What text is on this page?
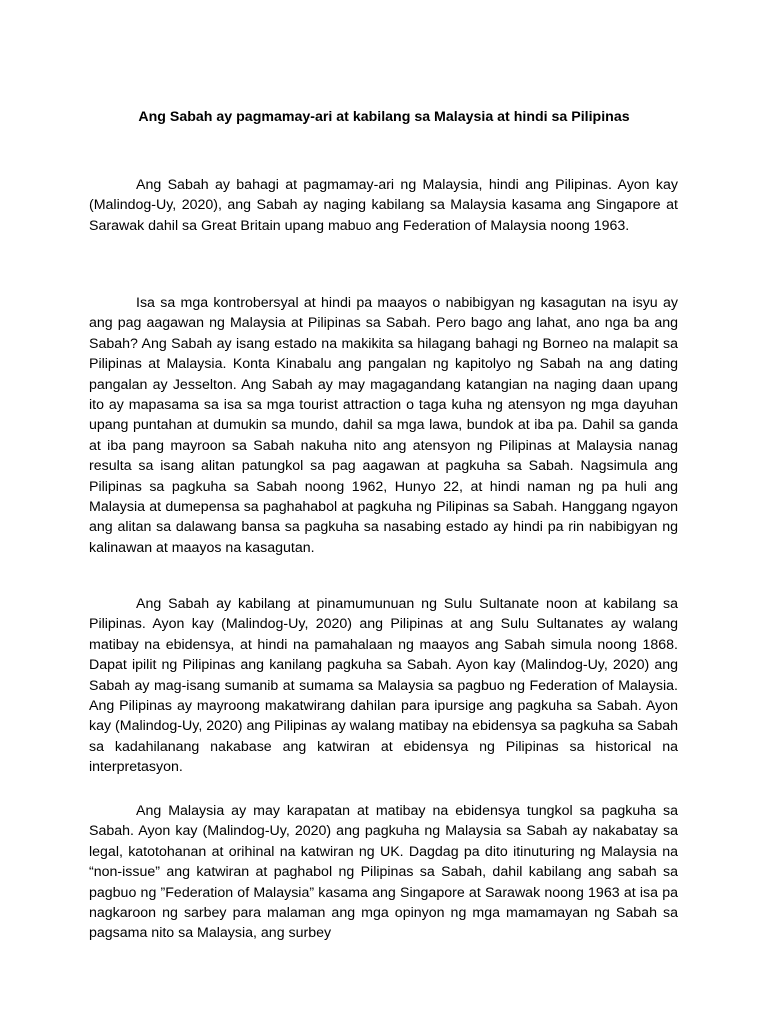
Ang Sabah ay pagmamay-ari at kabilang sa Malaysia at hindi sa Pilipinas

Ang Sabah ay bahagi at pagmamay-ari ng Malaysia, hindi ang Pilipinas. Ayon kay (Malindog-Uy, 2020), ang Sabah ay naging kabilang sa Malaysia kasama ang Singapore at Sarawak dahil sa Great Britain upang mabuo ang Federation of Malaysia noong 1963.

Isa sa mga kontrobersyal at hindi pa maayos o nabibigyan ng kasagutan na isyu ay ang pag aagawan ng Malaysia at Pilipinas sa Sabah. Pero bago ang lahat, ano nga ba ang Sabah? Ang Sabah ay isang estado na makikita sa hilagang bahagi ng Borneo na malapit sa Pilipinas at Malaysia. Konta Kinabalu ang pangalan ng kapitolyo ng Sabah na ang dating pangalan ay Jesselton. Ang Sabah ay may magagandang katangian na naging daan upang ito ay mapasama sa isa sa mga tourist attraction o taga kuha ng atensyon ng mga dayuhan upang puntahan at dumukin sa mundo, dahil sa mga lawa, bundok at iba pa. Dahil sa ganda at iba pang mayroon sa Sabah nakuha nito ang atensyon ng Pilipinas at Malaysia nanag resulta sa isang alitan patungkol sa pag aagawan at pagkuha sa Sabah. Nagsimula ang Pilipinas sa pagkuha sa Sabah noong 1962, Hunyo 22, at hindi naman ng pa huli ang Malaysia at dumepensa sa paghahabol at pagkuha ng Pilipinas sa Sabah. Hanggang ngayon ang alitan sa dalawang bansa sa pagkuha sa nasabing estado ay hindi pa rin nabibigyan ng kalinawan at maayos na kasagutan.

Ang Sabah ay kabilang at pinamumunuan ng Sulu Sultanate noon at kabilang sa Pilipinas. Ayon kay (Malindog-Uy, 2020) ang Pilipinas at ang Sulu Sultanates ay walang matibay na ebidensya, at hindi na pamahalaan ng maayos ang Sabah simula noong 1868. Dapat ipilit ng Pilipinas ang kanilang pagkuha sa Sabah. Ayon kay (Malindog-Uy, 2020) ang Sabah ay mag-isang sumanib at sumama sa Malaysia sa pagbuo ng Federation of Malaysia. Ang Pilipinas ay mayroong makatwirang dahilan para ipursige ang pagkuha sa Sabah. Ayon kay (Malindog-Uy, 2020) ang Pilipinas ay walang matibay na ebidensya sa pagkuha sa Sabah sa kadahilanang nakabase ang katwiran at ebidensya ng Pilipinas sa historical na interpretasyon.

Ang Malaysia ay may karapatan at matibay na ebidensya tungkol sa pagkuha sa Sabah. Ayon kay (Malindog-Uy, 2020) ang pagkuha ng Malaysia sa Sabah ay nakabatay sa legal, katotohanan at orihinal na katwiran ng UK. Dagdag pa dito itinuturing ng Malaysia na “non-issue” ang katwiran at paghabol ng Pilipinas sa Sabah, dahil kabilang ang sabah sa pagbuo ng ”Federation of Malaysia” kasama ang Singapore at Sarawak noong 1963 at isa pa nagkaroon ng sarbey para malaman ang mga opinyon ng mga mamamayan ng Sabah sa pagsama nito sa Malaysia, ang surbey
